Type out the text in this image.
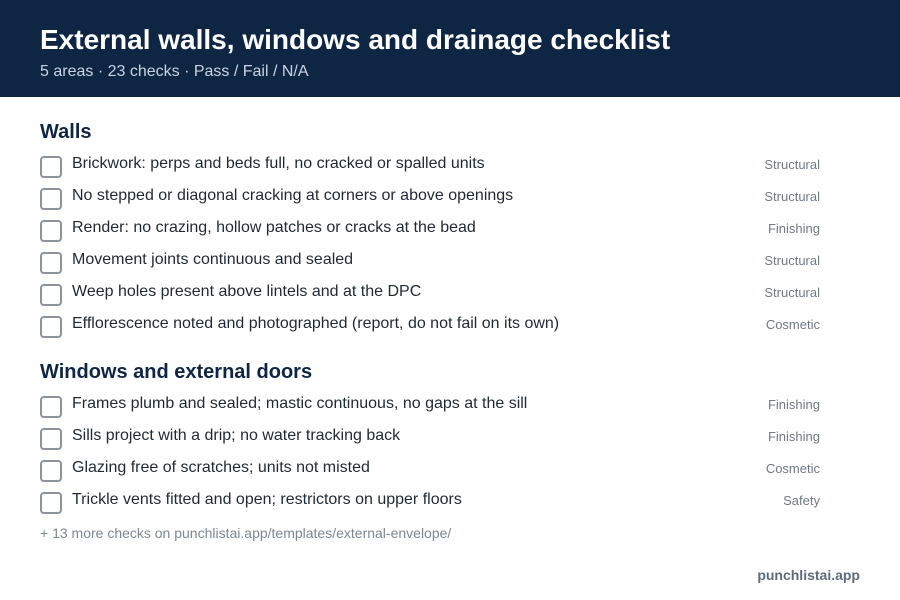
External walls, windows and drainage checklist
5 areas · 23 checks · Pass / Fail / N/A
Walls
Brickwork: perps and beds full, no cracked or spalled units	Structural
No stepped or diagonal cracking at corners or above openings	Structural
Render: no crazing, hollow patches or cracks at the bead	Finishing
Movement joints continuous and sealed	Structural
Weep holes present above lintels and at the DPC	Structural
Efflorescence noted and photographed (report, do not fail on its own)	Cosmetic
Windows and external doors
Frames plumb and sealed; mastic continuous, no gaps at the sill	Finishing
Sills project with a drip; no water tracking back	Finishing
Glazing free of scratches; units not misted	Cosmetic
Trickle vents fitted and open; restrictors on upper floors	Safety
+ 13 more checks on punchlistai.app/templates/external-envelope/
punchlistai.app
